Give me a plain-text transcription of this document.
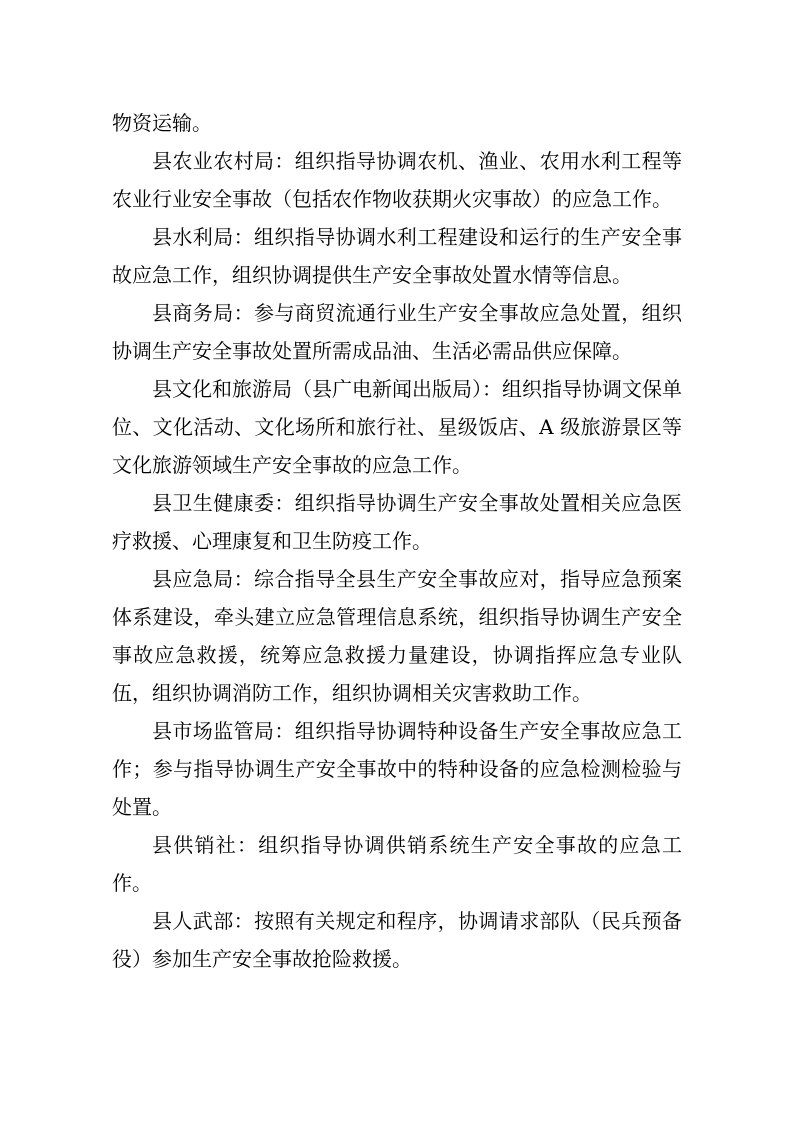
物资运输。

县农业农村局：组织指导协调农机、渔业、农用水利工程等农业行业安全事故（包括农作物收获期火灾事故）的应急工作。

县水利局：组织指导协调水利工程建设和运行的生产安全事故应急工作，组织协调提供生产安全事故处置水情等信息。

县商务局：参与商贸流通行业生产安全事故应急处置，组织协调生产安全事故处置所需成品油、生活必需品供应保障。

县文化和旅游局（县广电新闻出版局）：组织指导协调文保单位、文化活动、文化场所和旅行社、星级饭店、A 级旅游景区等文化旅游领域生产安全事故的应急工作。

县卫生健康委：组织指导协调生产安全事故处置相关应急医疗救援、心理康复和卫生防疫工作。

县应急局：综合指导全县生产安全事故应对，指导应急预案体系建设，牵头建立应急管理信息系统，组织指导协调生产安全事故应急救援，统筹应急救援力量建设，协调指挥应急专业队伍，组织协调消防工作，组织协调相关灾害救助工作。

县市场监管局：组织指导协调特种设备生产安全事故应急工作；参与指导协调生产安全事故中的特种设备的应急检测检验与处置。

县供销社：组织指导协调供销系统生产安全事故的应急工作。

县人武部：按照有关规定和程序，协调请求部队（民兵预备役）参加生产安全事故抢险救援。
